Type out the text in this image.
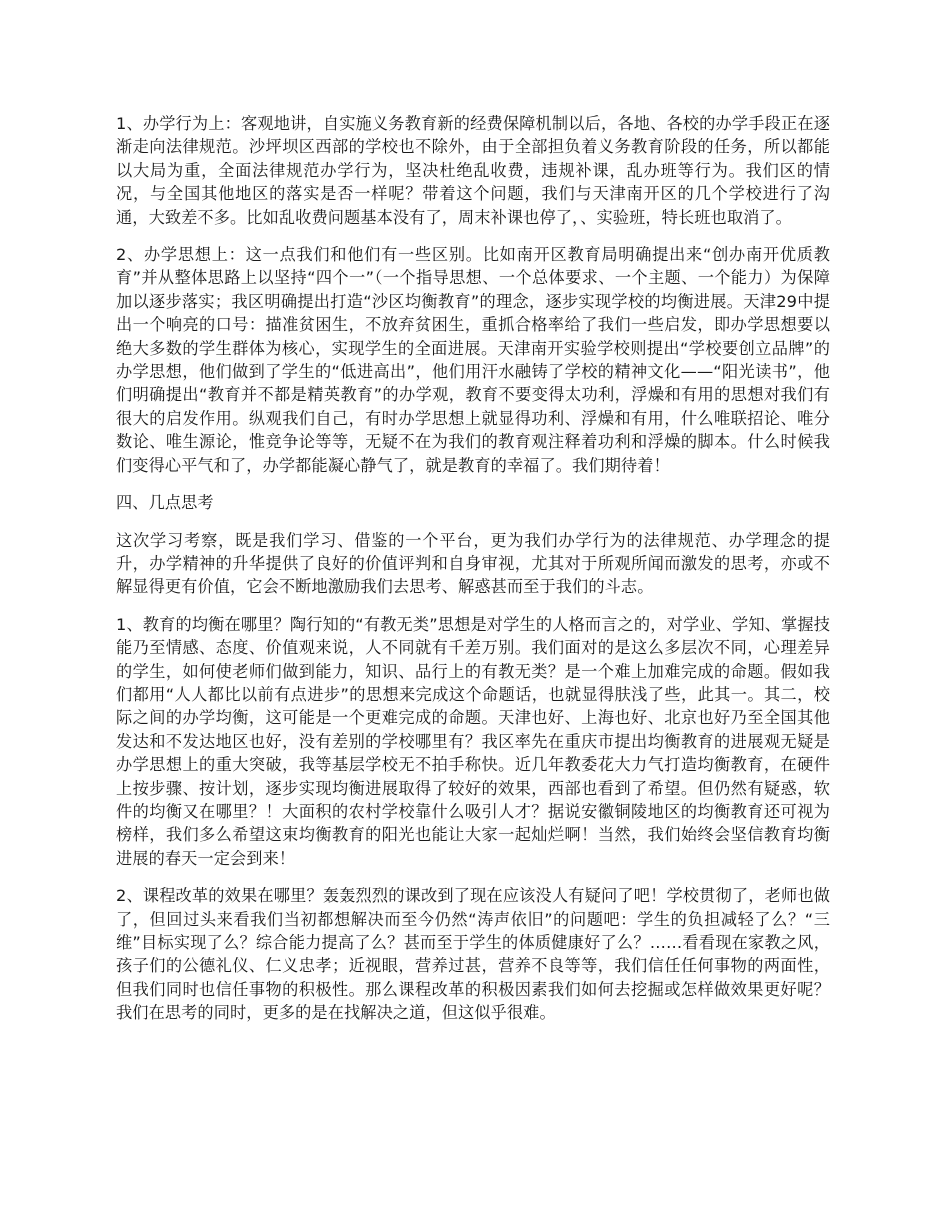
1、办学行为上：客观地讲，自实施义务教育新的经费保障机制以后，各地、各校的办学手段正在逐渐走向法律规范。沙坪坝区西部的学校也不除外，由于全部担负着义务教育阶段的任务，所以都能以大局为重，全面法律规范办学行为，坚决杜绝乱收费，违规补课，乱办班等行为。我们区的情况，与全国其他地区的落实是否一样呢？带着这个问题，我们与天津南开区的几个学校进行了沟通，大致差不多。比如乱收费问题基本没有了，周末补课也停了，、实验班，特长班也取消了。

2、办学思想上：这一点我们和他们有一些区别。比如南开区教育局明确提出来“创办南开优质教育”并从整体思路上以坚持“四个一”（一个指导思想、一个总体要求、一个主题、一个能力）为保障加以逐步落实；我区明确提出打造“沙区均衡教育”的理念，逐步实现学校的均衡进展。天津29中提出一个响亮的口号：描准贫困生，不放弃贫困生，重抓合格率给了我们一些启发，即办学思想要以绝大多数的学生群体为核心，实现学生的全面进展。天津南开实验学校则提出“学校要创立品牌”的办学思想，他们做到了学生的“低进高出”，他们用汗水融铸了学校的精神文化——“阳光读书”，他们明确提出“教育并不都是精英教育”的办学观，教育不要变得太功利，浮燥和有用的思想对我们有很大的启发作用。纵观我们自己，有时办学思想上就显得功利、浮燥和有用，什么唯联招论、唯分数论、唯生源论，惟竞争论等等，无疑不在为我们的教育观注释着功利和浮燥的脚本。什么时候我们变得心平气和了，办学都能凝心静气了，就是教育的幸福了。我们期待着！

四、几点思考

这次学习考察，既是我们学习、借鉴的一个平台，更为我们办学行为的法律规范、办学理念的提升，办学精神的升华提供了良好的价值评判和自身审视，尤其对于所观所闻而激发的思考，亦或不解显得更有价值，它会不断地激励我们去思考、解惑甚而至于我们的斗志。

1、教育的均衡在哪里？陶行知的“有教无类”思想是对学生的人格而言之的，对学业、学知、掌握技能乃至情感、态度、价值观来说，人不同就有千差万别。我们面对的是这么多层次不同，心理差异的学生，如何使老师们做到能力，知识、品行上的有教无类？是一个难上加难完成的命题。假如我们都用“人人都比以前有点进步”的思想来完成这个命题话，也就显得肤浅了些，此其一。其二，校际之间的办学均衡，这可能是一个更难完成的命题。天津也好、上海也好、北京也好乃至全国其他发达和不发达地区也好，没有差别的学校哪里有？我区率先在重庆市提出均衡教育的进展观无疑是办学思想上的重大突破，我等基层学校无不拍手称快。近几年教委花大力气打造均衡教育，在硬件上按步骤、按计划，逐步实现均衡进展取得了较好的效果，西部也看到了希望。但仍然有疑惑，软件的均衡又在哪里？！大面积的农村学校靠什么吸引人才？据说安徽铜陵地区的均衡教育还可视为榜样，我们多么希望这束均衡教育的阳光也能让大家一起灿烂啊！当然，我们始终会坚信教育均衡进展的春天一定会到来！

2、课程改革的效果在哪里？轰轰烈烈的课改到了现在应该没人有疑问了吧！学校贯彻了，老师也做了，但回过头来看我们当初都想解决而至今仍然“涛声依旧”的问题吧：学生的负担减轻了么？“三维”目标实现了么？综合能力提高了么？甚而至于学生的体质健康好了么？……看看现在家教之风，孩子们的公德礼仪、仁义忠孝；近视眼，营养过甚，营养不良等等，我们信任任何事物的两面性，但我们同时也信任事物的积极性。那么课程改革的积极因素我们如何去挖掘或怎样做效果更好呢？我们在思考的同时，更多的是在找解决之道，但这似乎很难。
